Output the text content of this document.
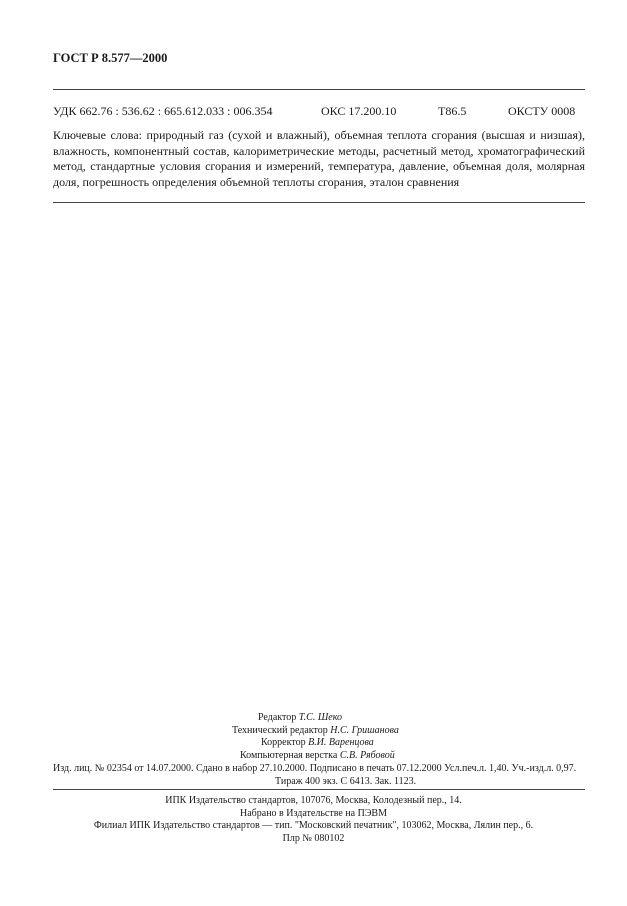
ГОСТ Р 8.577—2000
УДК 662.76 : 536.62 : 665.612.033 : 006.354	ОКС 17.200.10	Т86.5	ОКСТУ 0008
Ключевые слова: природный газ (сухой и влажный), объемная теплота сгорания (высшая и низшая), влажность, компонентный состав, калориметрические методы, расчетный метод, хроматографический метод, стандартные условия сгорания и измерений, температура, давление, объемная доля, молярная доля, погрешность определения объемной теплоты сгорания, эталон сравнения
Редактор Т.С. Шеко
Технический редактор Н.С. Гришанова
Корректор В.И. Варенцова
Компьютерная верстка С.В. Рябовой
Изд. лиц. № 02354 от 14.07.2000. Сдано в набор 27.10.2000. Подписано в печать 07.12.2000 Усл.печ.л. 1,40. Уч.-изд.л. 0,97.
Тираж 400 экз. С 6413. Зак. 1123.
ИПК Издательство стандартов, 107076, Москва, Колодезный пер., 14.
Набрано в Издательстве на ПЭВМ
Филиал ИПК Издательство стандартов — тип. "Московский печатник", 103062, Москва, Лялин пер., 6.
Плр № 080102
